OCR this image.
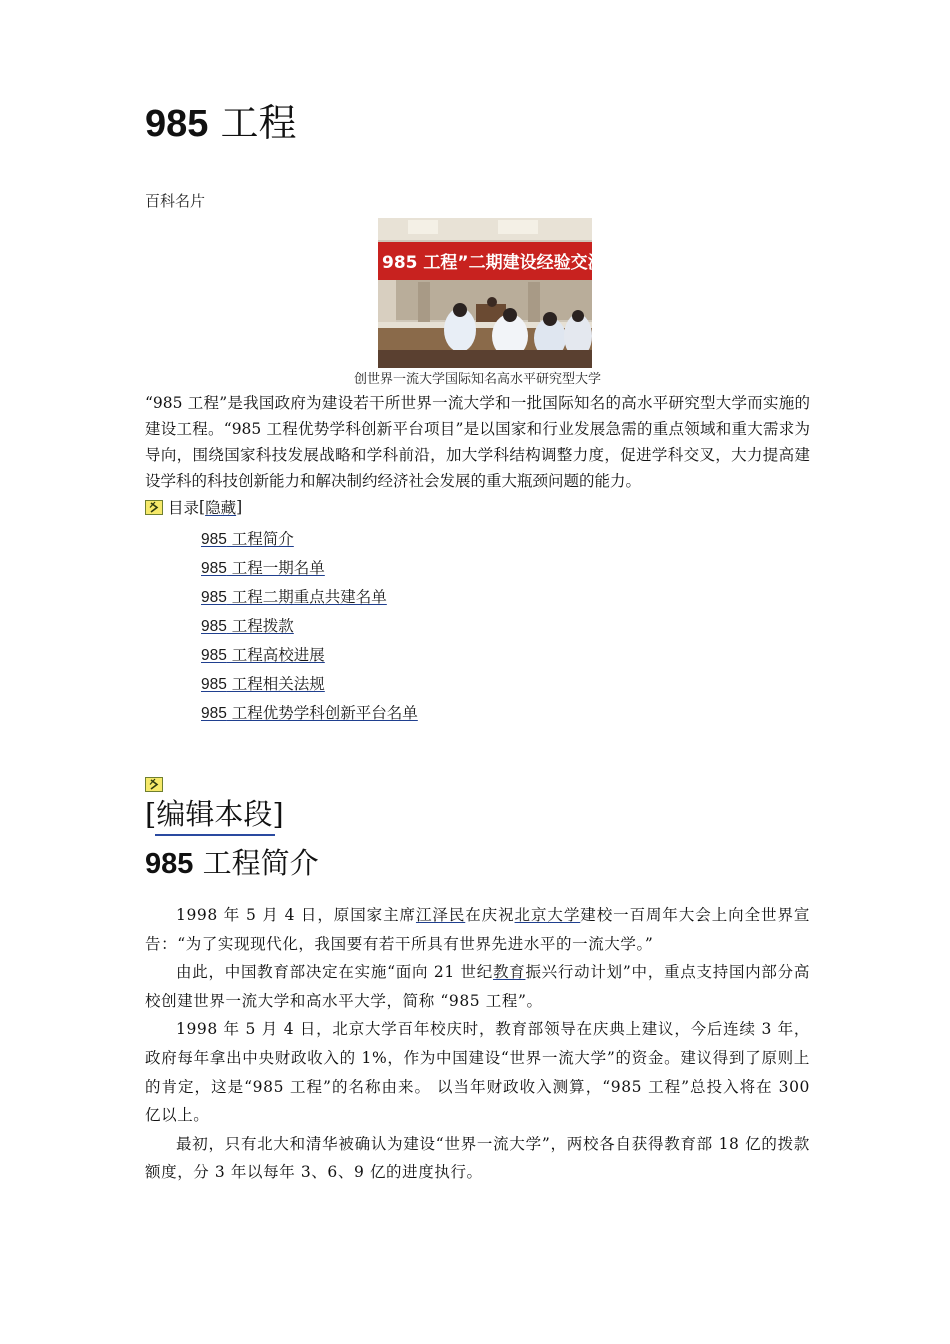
985 工程
百科名片
985 工程”二期建设经验交流会
创世界一流大学国际知名高水平研究型大学

“985 工程”是我国政府为建设若干所世界一流大学和一批国际知名的高水平研究型大学而实施的建设工程。“985 工程优势学科创新平台项目”是以国家和行业发展急需的重点领域和重大需求为导向，围绕国家科技发展战略和学科前沿，加大学科结构调整力度，促进学科交叉，大力提高建设学科的科技创新能力和解决制约经济社会发展的重大瓶颈问题的能力。

目录 [ 隐藏 ]
985 工程简介
985 工程一期名单
985 工程二期重点共建名单
985 工程拨款
985 工程高校进展
985 工程相关法规
985 工程优势学科创新平台名单
[编辑本段]
985 工程简介

1998 年 5 月 4 日，原国家主席江泽民在庆祝北京大学建校一百周年大会上向全世界宣告：“为了实现现代化，我国要有若干所具有世界先进水平的一流大学。”

由此，中国教育部决定在实施“面向 21 世纪教育振兴行动计划”中，重点支持国内部分高校创建世界一流大学和高水平大学，简称 “985 工程”。

1998 年 5 月 4 日，北京大学百年校庆时，教育部领导在庆典上建议，今后连续 3 年，政府每年拿出中央财政收入的 1%，作为中国建设“世界一流大学”的资金。建议得到了原则上的肯定，这是“985 工程”的名称由来。 以当年财政收入测算，“985 工程”总投入将在 300 亿以上。

最初，只有北大和清华被确认为建设“世界一流大学”，两校各自获得教育部 18 亿的拨款额度，分 3 年以每年 3、6、9 亿的进度执行。
